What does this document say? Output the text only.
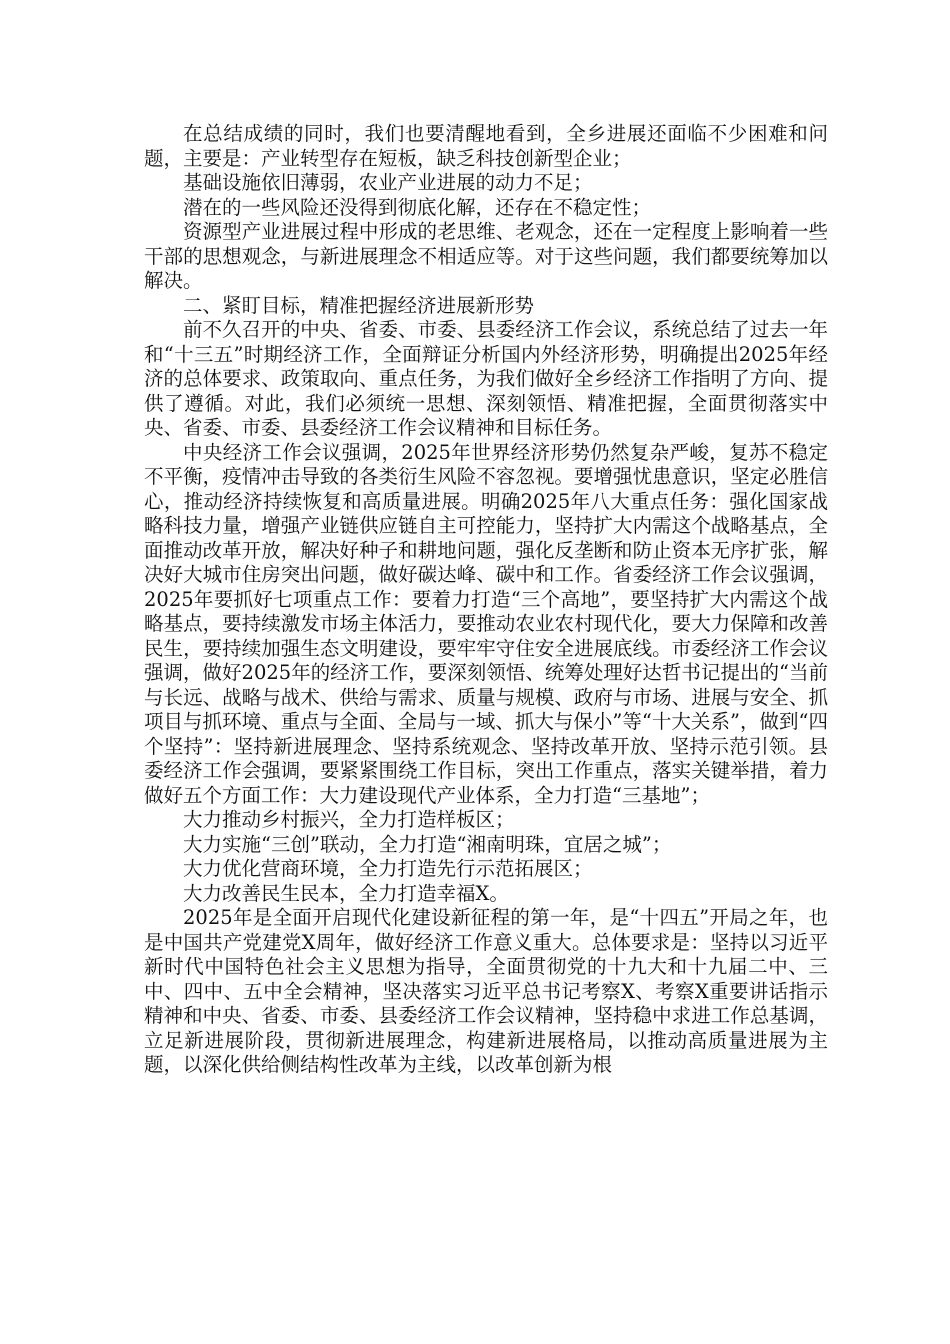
在总结成绩的同时，我们也要清醒地看到，全乡进展还面临不少困难和问题，主要是：产业转型存在短板，缺乏科技创新型企业；

基础设施依旧薄弱，农业产业进展的动力不足；

潜在的一些风险还没得到彻底化解，还存在不稳定性；

资源型产业进展过程中形成的老思维、老观念，还在一定程度上影响着一些干部的思想观念，与新进展理念不相适应等。对于这些问题，我们都要统筹加以解决。

二、紧盯目标，精准把握经济进展新形势

前不久召开的中央、省委、市委、县委经济工作会议，系统总结了过去一年和“十三五”时期经济工作，全面辩证分析国内外经济形势，明确提出2025年经济的总体要求、政策取向、重点任务，为我们做好全乡经济工作指明了方向、提供了遵循。对此，我们必须统一思想、深刻领悟、精准把握，全面贯彻落实中央、省委、市委、县委经济工作会议精神和目标任务。

中央经济工作会议强调，2025年世界经济形势仍然复杂严峻，复苏不稳定不平衡，疫情冲击导致的各类衍生风险不容忽视。要增强忧患意识，坚定必胜信心，推动经济持续恢复和高质量进展。明确2025年八大重点任务：强化国家战略科技力量，增强产业链供应链自主可控能力，坚持扩大内需这个战略基点，全面推动改革开放，解决好种子和耕地问题，强化反垄断和防止资本无序扩张，解决好大城市住房突出问题，做好碳达峰、碳中和工作。省委经济工作会议强调，2025年要抓好七项重点工作：要着力打造“三个高地”，要坚持扩大内需这个战略基点，要持续激发市场主体活力，要推动农业农村现代化，要大力保障和改善民生，要持续加强生态文明建设，要牢牢守住安全进展底线。市委经济工作会议强调，做好2025年的经济工作，要深刻领悟、统筹处理好达哲书记提出的“当前与长远、战略与战术、供给与需求、质量与规模、政府与市场、进展与安全、抓项目与抓环境、重点与全面、全局与一域、抓大与保小”等“十大关系”，做到“四个坚持”：坚持新进展理念、坚持系统观念、坚持改革开放、坚持示范引领。县委经济工作会强调，要紧紧围绕工作目标，突出工作重点，落实关键举措，着力做好五个方面工作：大力建设现代产业体系，全力打造“三基地”；

大力推动乡村振兴，全力打造样板区；

大力实施“三创”联动，全力打造“湘南明珠，宜居之城”；

大力优化营商环境，全力打造先行示范拓展区；

大力改善民生民本，全力打造幸福X。

2025年是全面开启现代化建设新征程的第一年，是“十四五”开局之年，也是中国共产党建党X周年，做好经济工作意义重大。总体要求是：坚持以习近平新时代中国特色社会主义思想为指导，全面贯彻党的十九大和十九届二中、三中、四中、五中全会精神，坚决落实习近平总书记考察X、考察X重要讲话指示精神和中央、省委、市委、县委经济工作会议精神，坚持稳中求进工作总基调，立足新进展阶段，贯彻新进展理念，构建新进展格局，以推动高质量进展为主题，以深化供给侧结构性改革为主线，以改革创新为根
